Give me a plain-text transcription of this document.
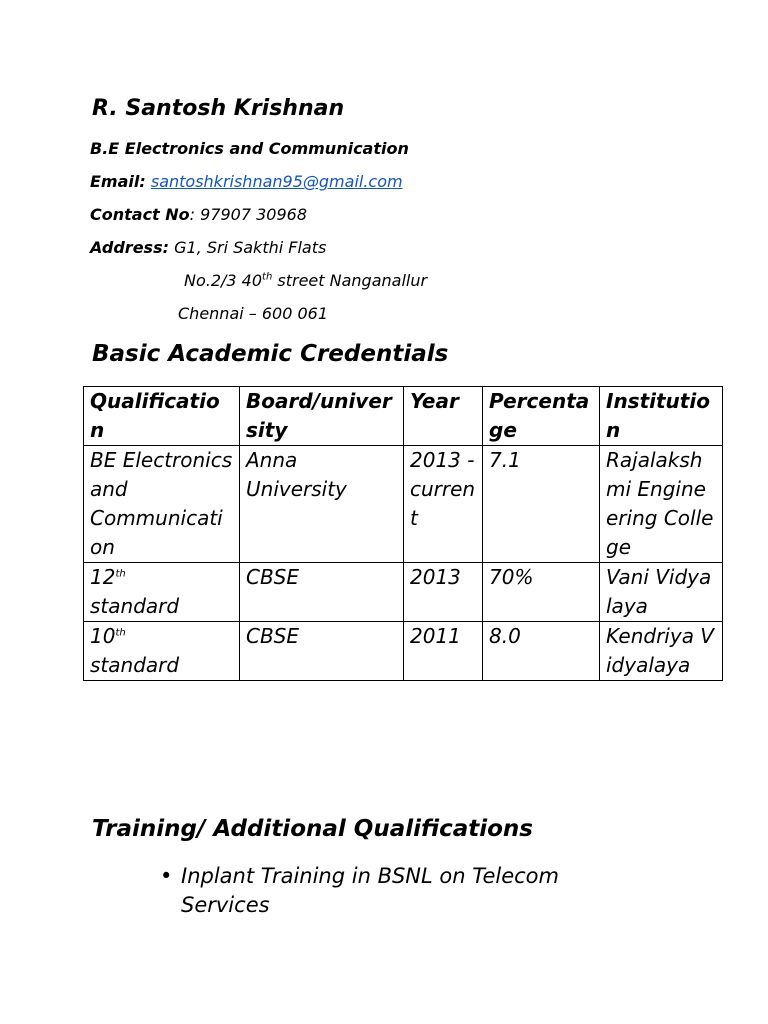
R. Santosh Krishnan
B.E Electronics and Communication
Email: santoshkrishnan95@gmail.com
Contact No: 97907 30968
Address: G1, Sri Sakthi Flats
No.2/3 40th street Nanganallur
Chennai – 600 061
Basic Academic Credentials
Qualification	Board/university	Year	Percentage	Institution
BE Electronics and Communication	Anna University	2013 - current	7.1	Rajalakshmi Engineering College
12th
standard	CBSE	2013	70%	Vani Vidyalaya
10th
standard	CBSE	2011	8.0	Kendriya Vidyalaya
Training/ Additional Qualifications
• Inplant Training in BSNL on Telecom Services
